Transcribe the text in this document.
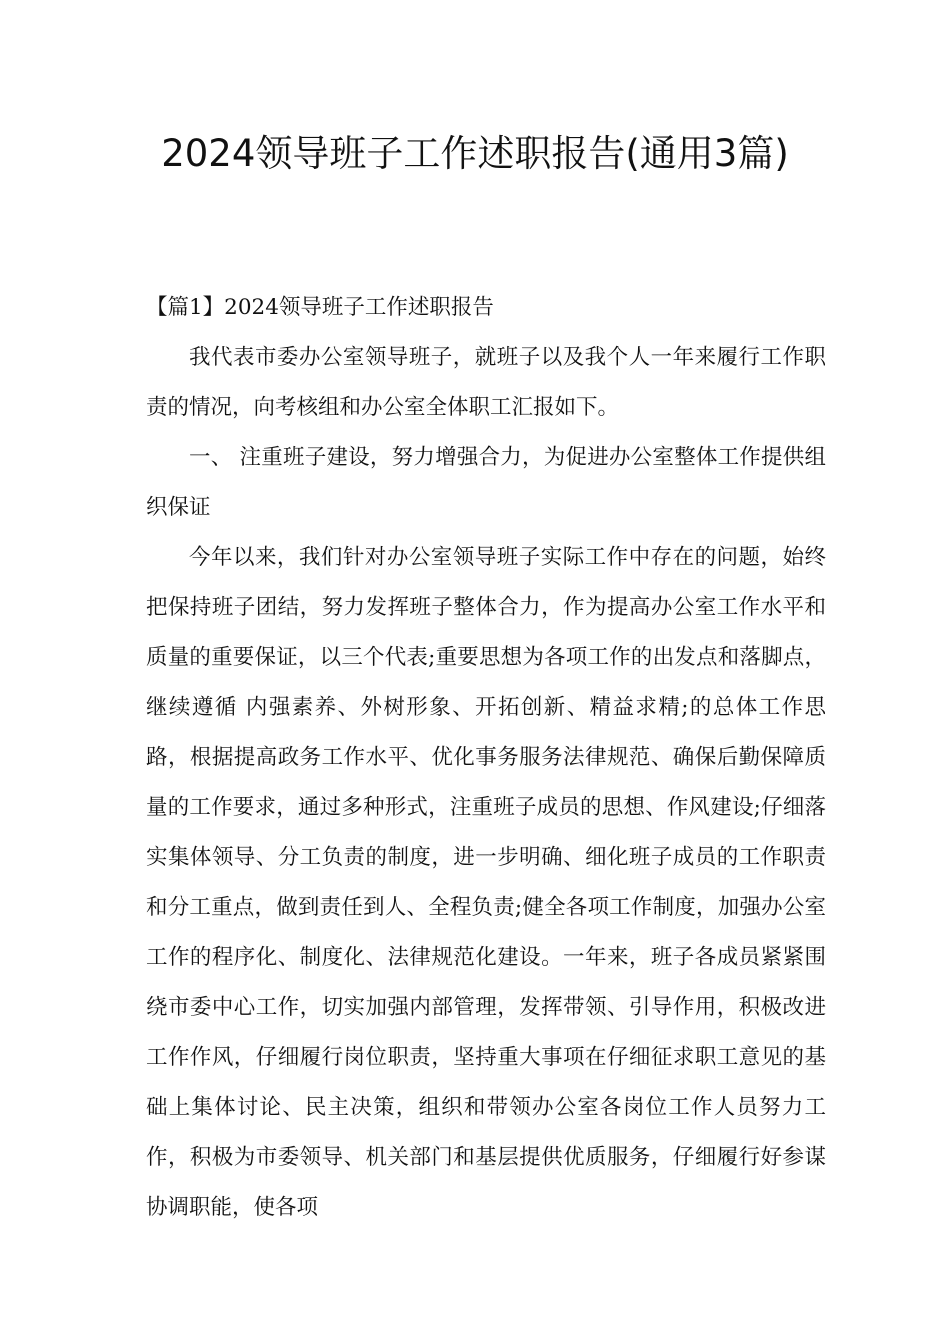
2024领导班子工作述职报告(通用3篇)

【篇1】2024领导班子工作述职报告

我代表市委办公室领导班子，就班子以及我个人一年来履行工作职责的情况，向考核组和办公室全体职工汇报如下。

一、 注重班子建设，努力增强合力，为促进办公室整体工作提供组织保证

今年以来，我们针对办公室领导班子实际工作中存在的问题，始终把保持班子团结，努力发挥班子整体合力，作为提高办公室工作水平和质量的重要保证，以三个代表;重要思想为各项工作的出发点和落脚点，继续遵循 内强素养、外树形象、开拓创新、精益求精;的总体工作思路，根据提高政务工作水平、优化事务服务法律规范、确保后勤保障质量的工作要求，通过多种形式，注重班子成员的思想、作风建设;仔细落实集体领导、分工负责的制度，进一步明确、细化班子成员的工作职责和分工重点，做到责任到人、全程负责;健全各项工作制度，加强办公室工作的程序化、制度化、法律规范化建设。一年来，班子各成员紧紧围绕市委中心工作，切实加强内部管理，发挥带领、引导作用，积极改进工作作风，仔细履行岗位职责，坚持重大事项在仔细征求职工意见的基础上集体讨论、民主决策，组织和带领办公室各岗位工作人员努力工作，积极为市委领导、机关部门和基层提供优质服务，仔细履行好参谋协调职能，使各项
